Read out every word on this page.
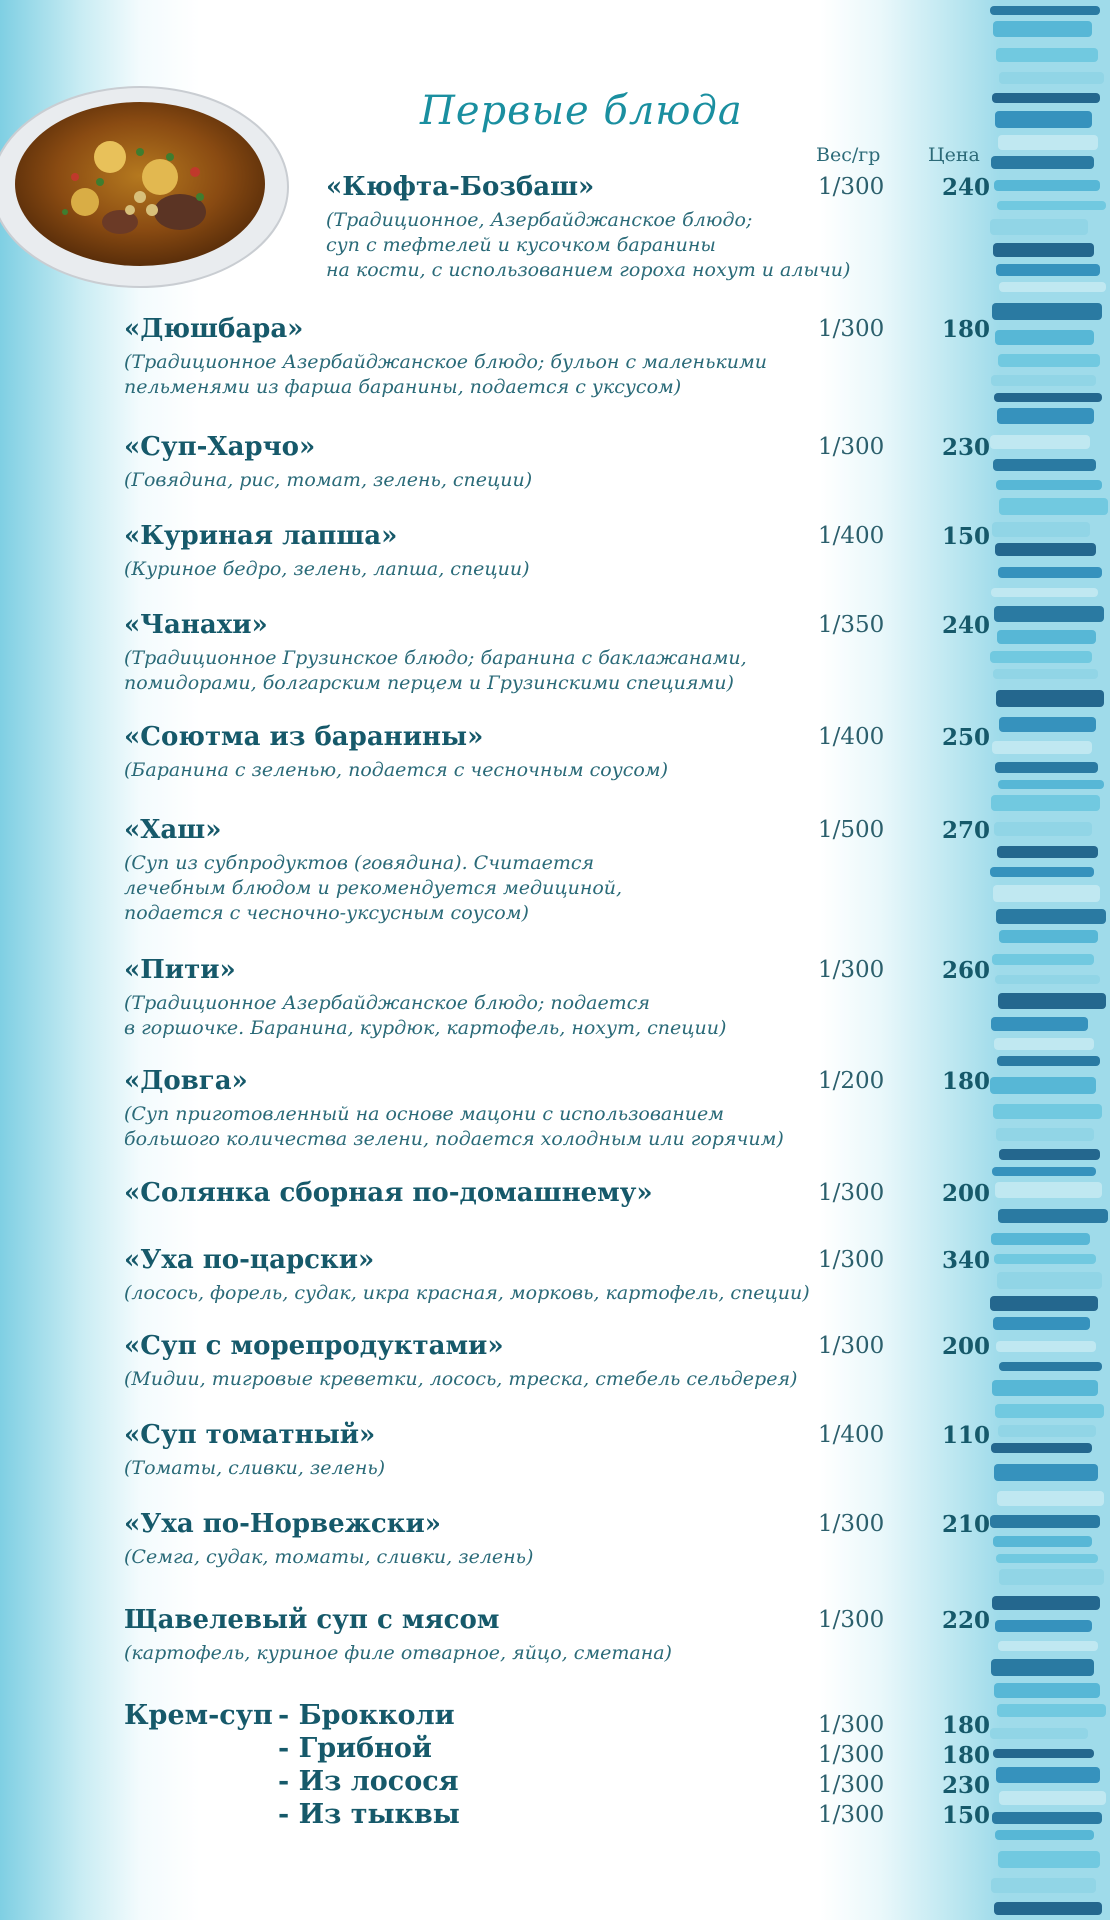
Первые блюда
Вес/гр	Цена
«Кюфта-Бозбаш»
(Традиционное, Азербайджанское блюдо;
суп с тефтелей и кусочком баранины
на кости, с использованием гороха нохут и алычи)
1/300	240
«Дюшбара»
(Традиционное Азербайджанское блюдо; бульон с маленькими
пельменями из фарша баранины, подается с уксусом)
1/300	180
«Суп-Харчо»
(Говядина, рис, томат, зелень, специи)
1/300	230
«Куриная лапша»
(Куриное бедро, зелень, лапша, специи)
1/400	150
«Чанахи»
(Традиционное Грузинское блюдо; баранина с баклажанами,
помидорами, болгарским перцем и Грузинскими специями)
1/350	240
«Соютма из баранины»
(Баранина с зеленью, подается с чесночным соусом)
1/400	250
«Хаш»
(Суп из субпродуктов (говядина). Считается
лечебным блюдом и рекомендуется медициной,
подается с чесночно-уксусным соусом)
1/500	270
«Пити»
(Традиционное Азербайджанское блюдо; подается
в горшочке. Баранина, курдюк, картофель, нохут, специи)
1/300	260
«Довга»
(Суп приготовленный на основе мацони с использованием
большого количества зелени, подается холодным или горячим)
1/200	180
«Солянка сборная по-домашнему»	1/300	200
«Уха по-царски»
(лосось, форель, судак, икра красная, морковь, картофель, специи)
1/300	340
«Суп с морепродуктами»
(Мидии, тигровые креветки, лосось, треска, стебель сельдерея)
1/300	200
«Суп томатный»
(Томаты, сливки, зелень)
1/400	110
«Уха по-Норвежски»
(Семга, судак, томаты, сливки, зелень)
1/300	210
Щавелевый суп с мясом
(картофель, куриное филе отварное, яйцо, сметана)
1/300	220
Крем-суп - Брокколи	1/300	180
- Грибной	1/300	180
- Из лосося	1/300	230
- Из тыквы	1/300	150
